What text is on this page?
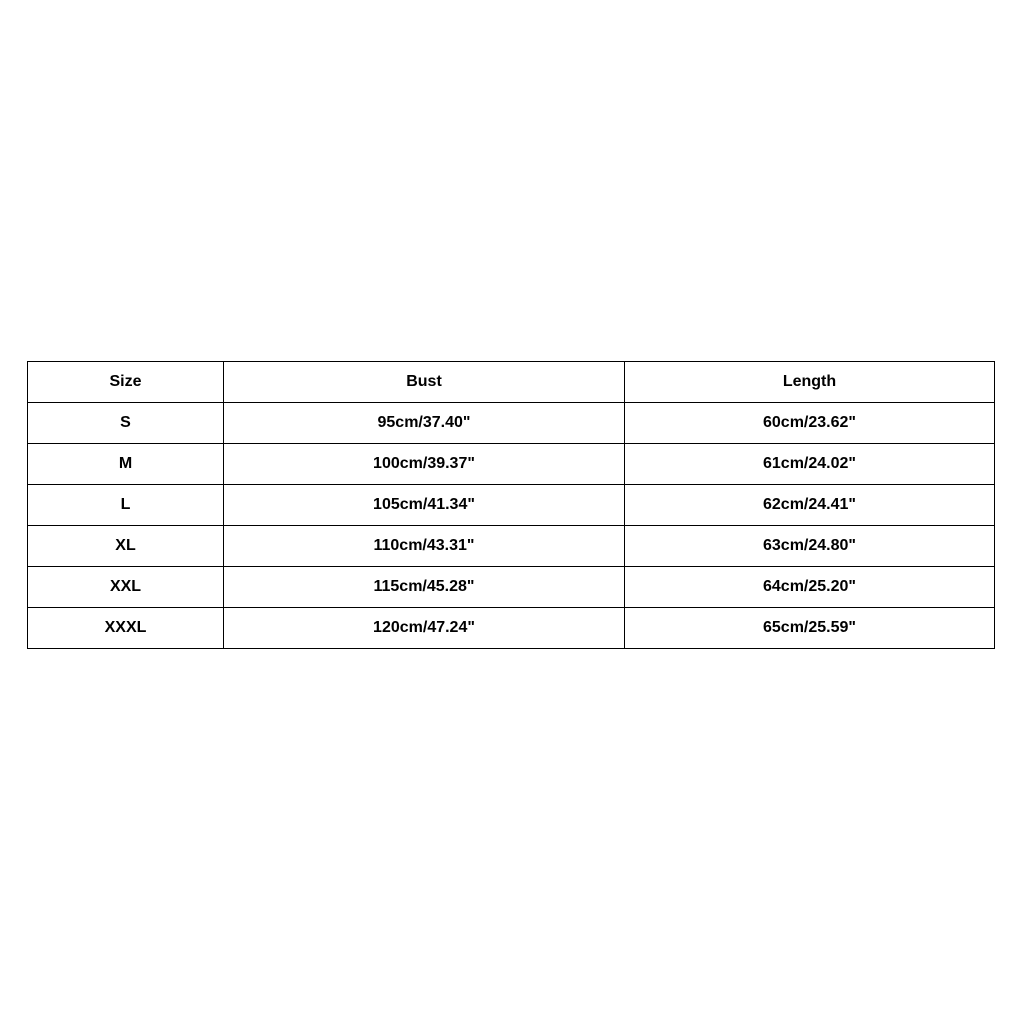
Size	Bust	Length
S	95cm/37.40"	60cm/23.62"
M	100cm/39.37"	61cm/24.02"
L	105cm/41.34"	62cm/24.41"
XL	110cm/43.31"	63cm/24.80"
XXL	115cm/45.28"	64cm/25.20"
XXXL	120cm/47.24"	65cm/25.59"
